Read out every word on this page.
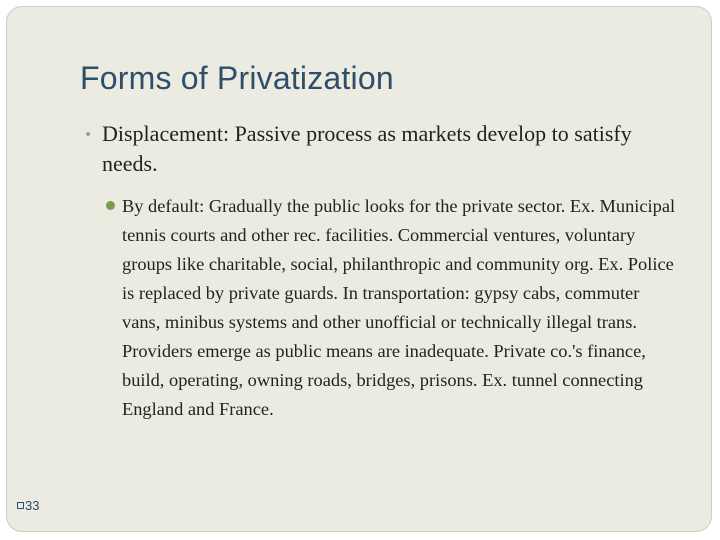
Forms of Privatization
• Displacement: Passive process as markets develop to satisfy needs.
By default: Gradually the public looks for the private sector. Ex. Municipal tennis courts and other rec. facilities. Commercial ventures, voluntary groups like charitable, social, philanthropic and community org. Ex. Police is replaced by private guards. In transportation: gypsy cabs, commuter vans, minibus systems and other unofficial or technically illegal trans. Providers emerge as public means are inadequate. Private co.'s finance, build, operating, owning roads, bridges, prisons. Ex. tunnel connecting England and France.
33
